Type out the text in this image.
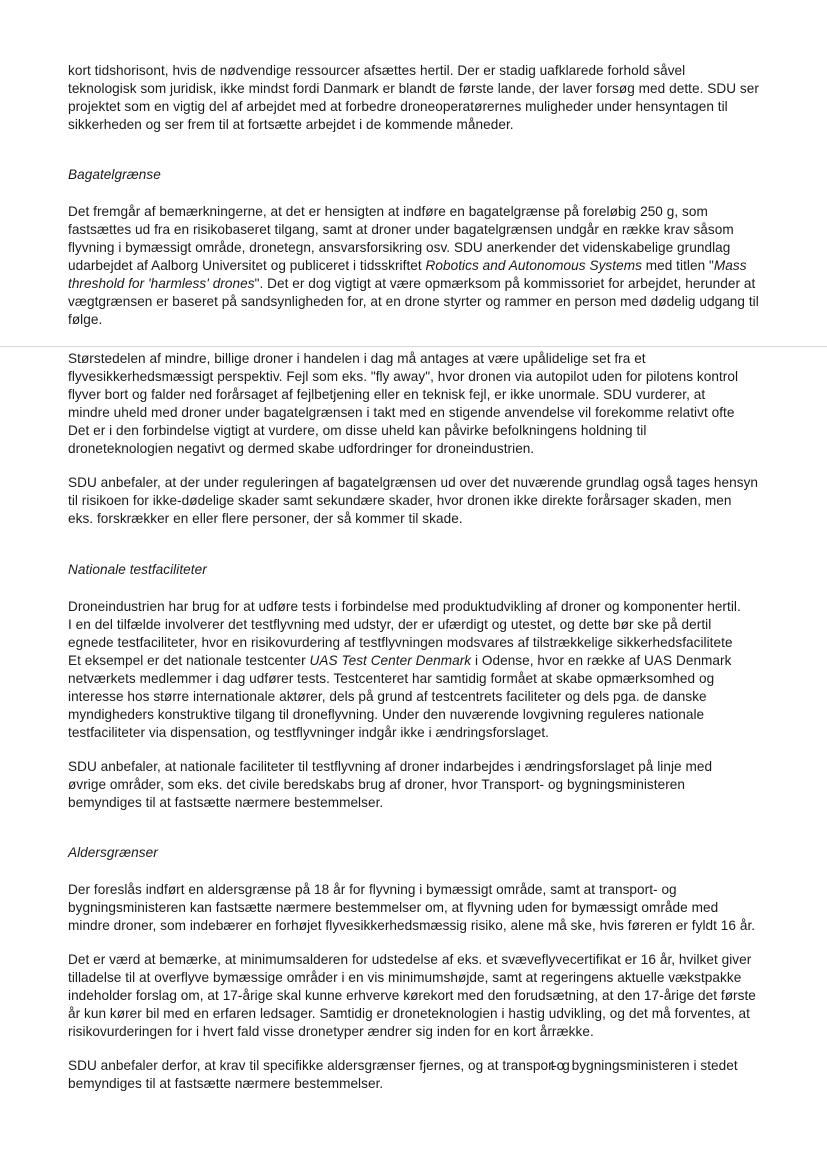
kort tidshorisont, hvis de nødvendige ressourcer afsættes hertil. Der er stadig uafklarede forhold såvel
teknologisk som juridisk, ikke mindst fordi Danmark er blandt de første lande, der laver forsøg med dette. SDU ser
projektet som en vigtig del af arbejdet med at forbedre droneoperatørernes muligheder under hensyntagen til
sikkerheden og ser frem til at fortsætte arbejdet i de kommende måneder.
Bagatelgrænse
Det fremgår af bemærkningerne, at det er hensigten at indføre en bagatelgrænse på foreløbig 250 g, som
fastsættes ud fra en risikobaseret tilgang, samt at droner under bagatelgrænsen undgår en række krav såsom
flyvning i bymæssigt område, dronetegn, ansvarsforsikring osv. SDU anerkender det videnskabelige grundlag
udarbejdet af Aalborg Universitet og publiceret i tidsskriftet Robotics and Autonomous Systems med titlen "Mass
threshold for 'harmless' drones". Det er dog vigtigt at være opmærksom på kommissoriet for arbejdet, herunder at
vægtgrænsen er baseret på sandsynligheden for, at en drone styrter og rammer en person med dødelig udgang til
følge.
Størstedelen af mindre, billige droner i handelen i dag må antages at være upålidelige set fra et
flyvesikkerhedsmæssigt perspektiv. Fejl som eks. "fly away", hvor dronen via autopilot uden for pilotens kontrol
flyver bort og falder ned forårsaget af fejlbetjening eller en teknisk fejl, er ikke unormale. SDU vurderer, at
mindre uheld med droner under bagatelgrænsen i takt med en stigende anvendelse vil forekomme relativt ofte
Det er i den forbindelse vigtigt at vurdere, om disse uheld kan påvirke befolkningens holdning til
droneteknologien negativt og dermed skabe udfordringer for droneindustrien.
SDU anbefaler, at der under reguleringen af bagatelgrænsen ud over det nuværende grundlag også tages hensyn
til risikoen for ikke-dødelige skader samt sekundære skader, hvor dronen ikke direkte forårsager skaden, men
eks. forskrækker en eller flere personer, der så kommer til skade.
Nationale testfaciliteter
Droneindustrien har brug for at udføre tests i forbindelse med produktudvikling af droner og komponenter hertil.
I en del tilfælde involverer det testflyvning med udstyr, der er ufærdigt og utestet, og dette bør ske på dertil
egnede testfaciliteter, hvor en risikovurdering af testflyvningen modsvares af tilstrækkelige sikkerhedsfacilitete
Et eksempel er det nationale testcenter UAS Test Center Denmark i Odense, hvor en række af UAS Denmark
netværkets medlemmer i dag udfører tests. Testcenteret har samtidig formået at skabe opmærksomhed og
interesse hos større internationale aktører, dels på grund af testcentrets faciliteter og dels pga. de danske
myndigheders konstruktive tilgang til droneflyvning. Under den nuværende lovgivning reguleres nationale
testfaciliteter via dispensation, og testflyvninger indgår ikke i ændringsforslaget.
SDU anbefaler, at nationale faciliteter til testflyvning af droner indarbejdes i ændringsforslaget på linje med
øvrige områder, som eks. det civile beredskabs brug af droner, hvor Transport- og bygningsministeren
bemyndiges til at fastsætte nærmere bestemmelser.
Aldersgrænser
Der foreslås indført en aldersgrænse på 18 år for flyvning i bymæssigt område, samt at transport- og
bygningsministeren kan fastsætte nærmere bestemmelser om, at flyvning uden for bymæssigt område med
mindre droner, som indebærer en forhøjet flyvesikkerhedsmæssig risiko, alene må ske, hvis føreren er fyldt 16 år.
Det er værd at bemærke, at minimumsalderen for udstedelse af eks. et svæveflyvecertifikat er 16 år, hvilket giver
tilladelse til at overflyve bymæssige områder i en vis minimumshøjde, samt at regeringens aktuelle vækstpakke
indeholder forslag om, at 17-årige skal kunne erhverve kørekort med den forudsætning, at den 17-årige det første
år kun kører bil med en erfaren ledsager. Samtidig er droneteknologien i hastig udvikling, og det må forventes, at
risikovurderingen for i hvert fald visse dronetyper ændrer sig inden for en kort årrække.
SDU anbefaler derfor, at krav til specifikke aldersgrænser fjernes, og at transport- og bygningsministeren i stedet
bemyndiges til at fastsætte nærmere bestemmelser.
